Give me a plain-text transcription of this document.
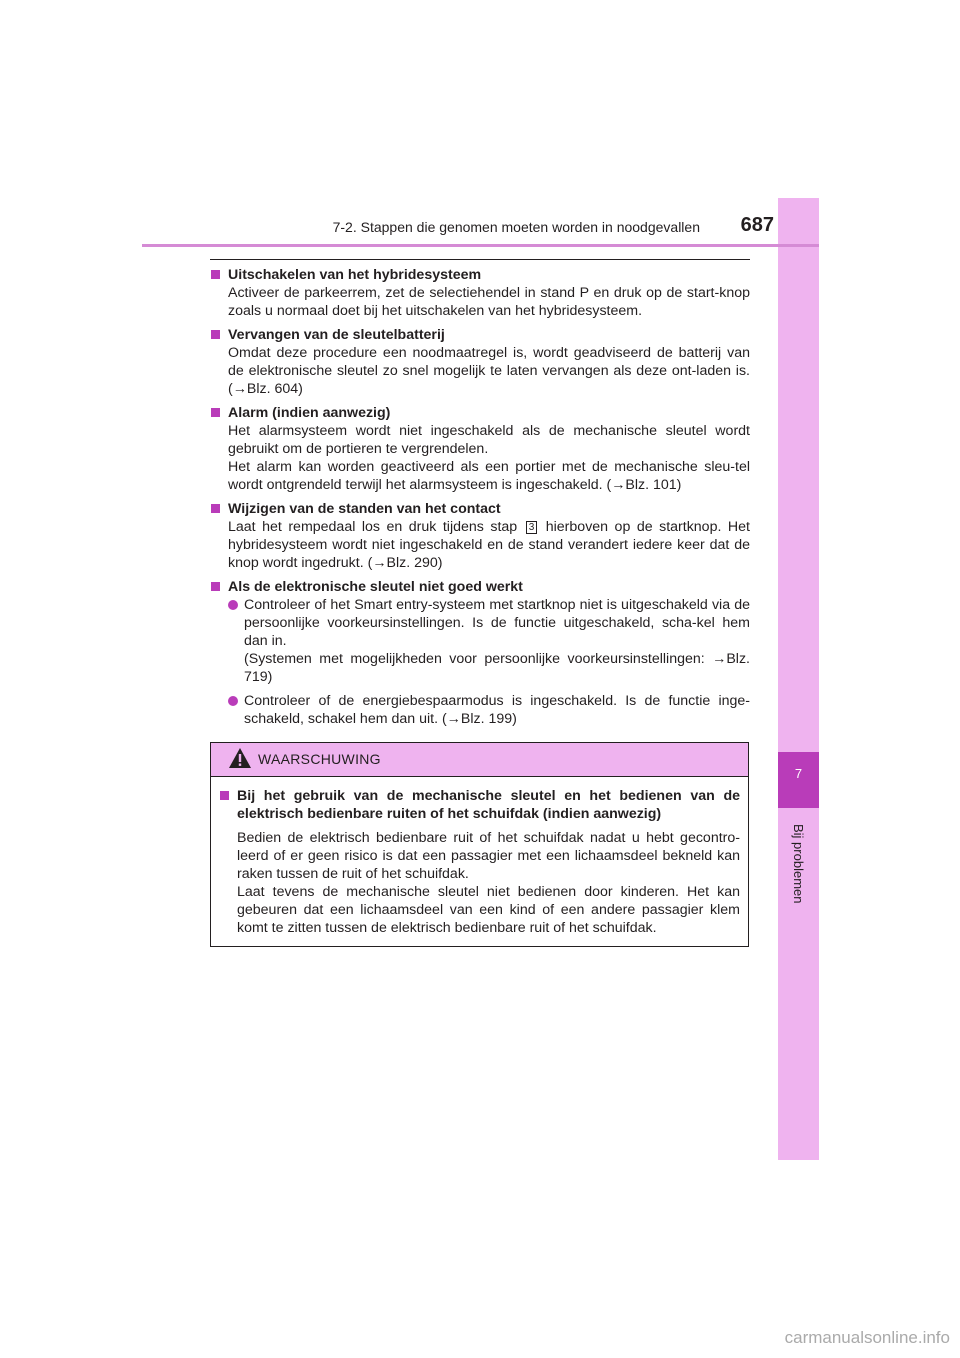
7
Bij problemen
7-2. Stappen die genomen moeten worden in noodgevallen	687
Uitschakelen van het hybridesysteem

Activeer de parkeerrem, zet de selectiehendel in stand P en druk op de start-knop zoals u normaal doet bij het uitschakelen van het hybridesysteem.

Vervangen van de sleutelbatterij

Omdat deze procedure een noodmaatregel is, wordt geadviseerd de batterij van de elektronische sleutel zo snel mogelijk te laten vervangen als deze ont-laden is. (→Blz. 604)

Alarm (indien aanwezig)

Het alarmsysteem wordt niet ingeschakeld als de mechanische sleutel wordt gebruikt om de portieren te vergrendelen.

Het alarm kan worden geactiveerd als een portier met de mechanische sleu-tel wordt ontgrendeld terwijl het alarmsysteem is ingeschakeld. (→Blz. 101)

Wijzigen van de standen van het contact
Laat het rempedaal los en druk tijdens stap 3 hierboven op de startknop. Het hybridesysteem wordt niet ingeschakeld en de stand verandert iedere keer dat de knop wordt ingedrukt. (→Blz. 290)
Als de elektronische sleutel niet goed werkt
Controleer of het Smart entry-systeem met startknop niet is uitgeschakeld via de persoonlijke voorkeursinstellingen. Is de functie uitgeschakeld, scha-kel hem dan in.
(Systemen met mogelijkheden voor persoonlijke voorkeursinstellingen: →Blz. 719)
Controleer of de energiebespaarmodus is ingeschakeld. Is de functie inge-schakeld, schakel hem dan uit. (→Blz. 199)
WAARSCHUWING
Bij het gebruik van de mechanische sleutel en het bedienen van de elektrisch bedienbare ruiten of het schuifdak (indien aanwezig)

Bedien de elektrisch bedienbare ruit of het schuifdak nadat u hebt gecontro-leerd of er geen risico is dat een passagier met een lichaamsdeel bekneld kan raken tussen de ruit of het schuifdak.

Laat tevens de mechanische sleutel niet bedienen door kinderen. Het kan gebeuren dat een lichaamsdeel van een kind of een andere passagier klem komt te zitten tussen de elektrisch bedienbare ruit of het schuifdak.

carmanualsonline.info
